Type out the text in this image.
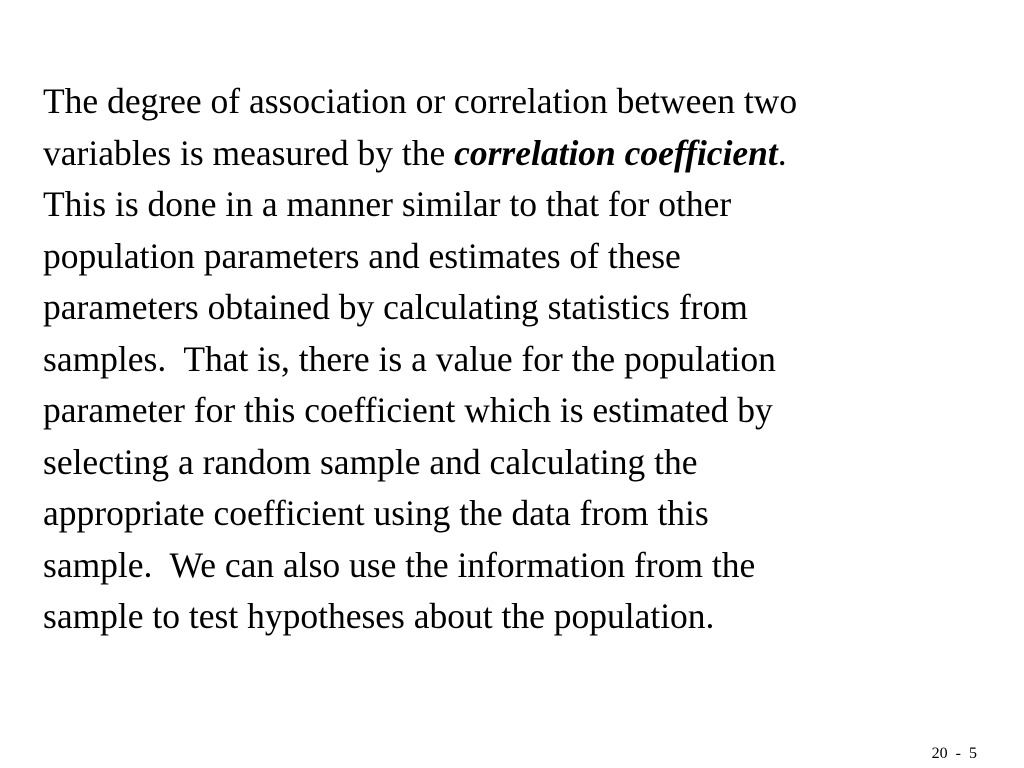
The degree of association or correlation between two
variables is measured by the correlation coefficient.
This is done in a manner similar to that for other
population parameters and estimates of these
parameters obtained by calculating statistics from
samples.  That is, there is a value for the population
parameter for this coefficient which is estimated by
selecting a random sample and calculating the
appropriate coefficient using the data from this
sample.  We can also use the information from the
sample to test hypotheses about the population.

20  -  5
